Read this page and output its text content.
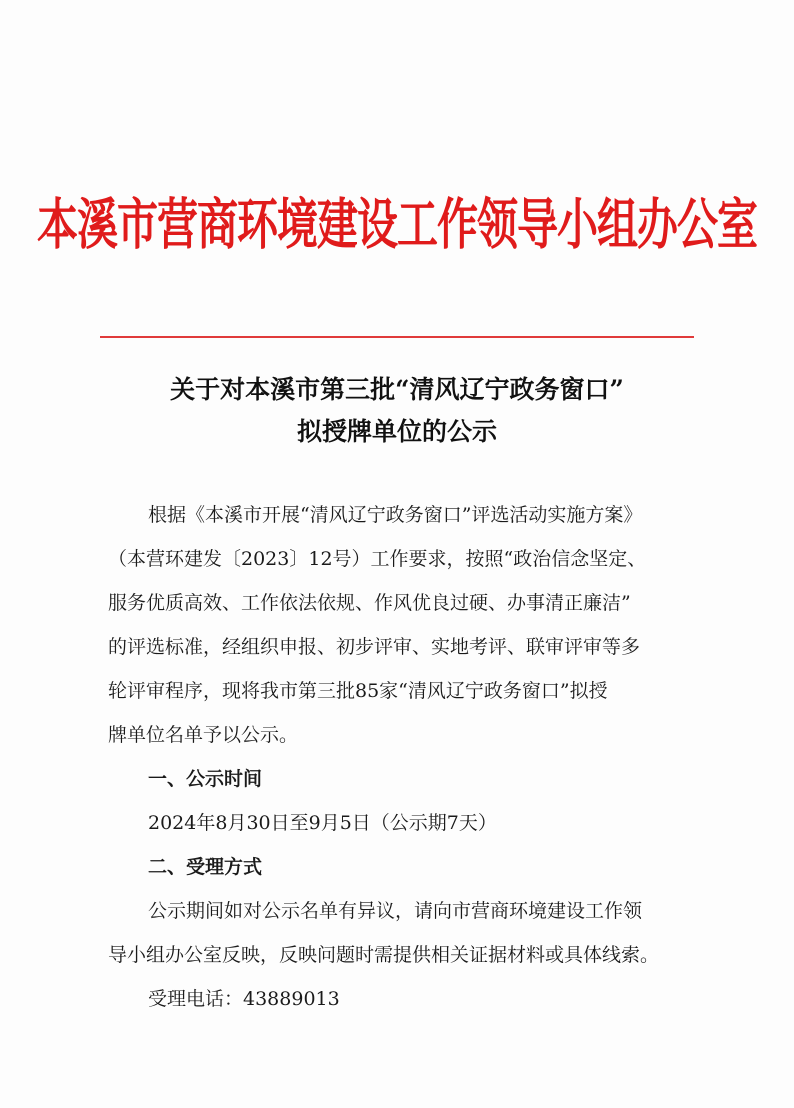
本溪市营商环境建设工作领导小组办公室
关于对本溪市第三批“清风辽宁政务窗口”
拟授牌单位的公示
根据《本溪市开展“清风辽宁政务窗口”评选活动实施方案》
（本营环建发〔2023〕12号）工作要求，按照“政治信念坚定、
服务优质高效、工作依法依规、作风优良过硬、办事清正廉洁”
的评选标准，经组织申报、初步评审、实地考评、联审评审等多
轮评审程序，现将我市第三批85家“清风辽宁政务窗口”拟授
牌单位名单予以公示。
一、公示时间
2024年8月30日至9月5日（公示期7天）
二、受理方式
公示期间如对公示名单有异议，请向市营商环境建设工作领
导小组办公室反映，反映问题时需提供相关证据材料或具体线索。
受理电话：43889013
